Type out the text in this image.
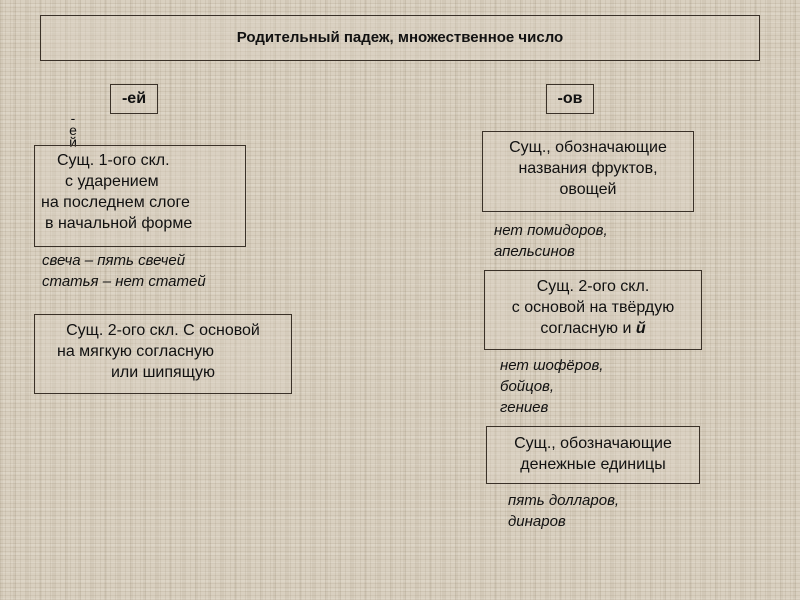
Родительный падеж, множественное число
-ей	-ов
-
е
й
Сущ. 1-ого скл.
с ударением
на последнем слоге
в начальной форме
свеча – пять свечей
статья – нет статей
Сущ. 2-ого скл. С основой
на мягкую согласную
или шипящую
Сущ., обозначающие
названия фруктов,
овощей
нет помидоров,
апельсинов
Сущ. 2-ого скл.
с основой на твёрдую
согласную и й
нет шофёров,
бойцов,
гениев
Сущ., обозначающие
денежные единицы
пять долларов,
динаров
